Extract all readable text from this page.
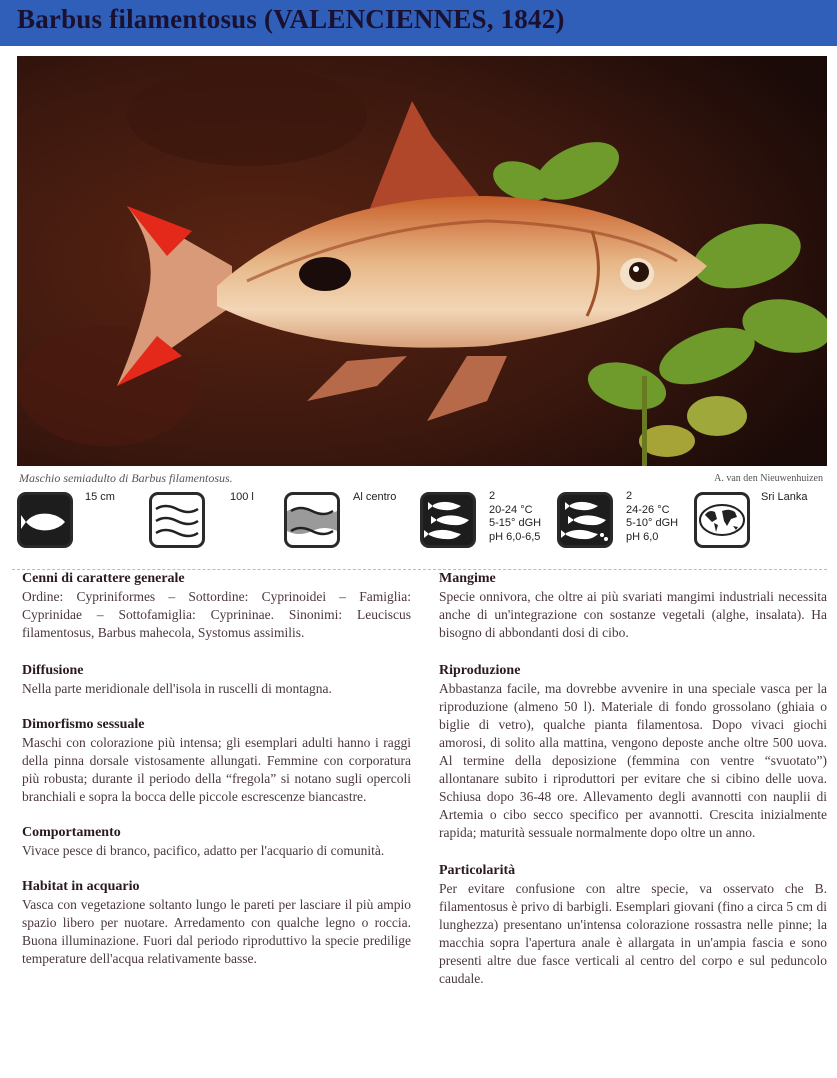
Barbus filamentosus (VALENCIENNES, 1842)
Maschio semiadulto di Barbus filamentosus.	A. van den Nieuwenhuizen
15 cm	100 l	Al centro	2
20-24 °C
5-15° dGH
pH 6,0-6,5
2
24-26 °C
5-10° dGH
pH 6,0
Sri Lanka
Cenni di carattere generale

Ordine: Cypriniformes – Sottordine: Cyprinoidei – Famiglia: Cyprinidae – Sottofamiglia: Cyprininae. Sinonimi: Leuciscus filamentosus, Barbus mahecola, Systomus assimilis.

Diffusione

Nella parte meridionale dell'isola in ruscelli di montagna.

Dimorfismo sessuale

Maschi con colorazione più intensa; gli esemplari adulti hanno i raggi della pinna dorsale vistosamente allungati. Femmine con corporatura più robusta; durante il periodo della “fregola” si notano sugli opercoli branchiali e sopra la bocca delle piccole escrescenze biancastre.

Comportamento

Vivace pesce di branco, pacifico, adatto per l'acquario di comunità.

Habitat in acquario

Vasca con vegetazione soltanto lungo le pareti per lasciare il più ampio spazio libero per nuotare. Arredamento con qualche legno o roccia. Buona illuminazione. Fuori dal periodo riproduttivo la specie predilige temperature dell'acqua relativamente basse.

Mangime

Specie onnivora, che oltre ai più svariati mangimi industriali necessita anche di un'integrazione con sostanze vegetali (alghe, insalata). Ha bisogno di abbondanti dosi di cibo.

Riproduzione

Abbastanza facile, ma dovrebbe avvenire in una speciale vasca per la riproduzione (almeno 50 l). Materiale di fondo grossolano (ghiaia o biglie di vetro), qualche pianta filamentosa. Dopo vivaci giochi amorosi, di solito alla mattina, vengono deposte anche oltre 500 uova. Al termine della deposizione (femmina con ventre “svuotato”) allontanare subito i riproduttori per evitare che si cibino delle uova. Schiusa dopo 36-48 ore. Allevamento degli avannotti con nauplii di Artemia o cibo secco specifico per avannotti. Crescita inizialmente rapida; maturità sessuale normalmente dopo oltre un anno.

Particolarità

Per evitare confusione con altre specie, va osservato che B. filamentosus è privo di barbigli. Esemplari giovani (fino a circa 5 cm di lunghezza) presentano un'intensa colorazione rossastra nelle pinne; la macchia sopra l'apertura anale è allargata in un'ampia fascia e sono presenti altre due fasce verticali al centro del corpo e sul peduncolo caudale.
